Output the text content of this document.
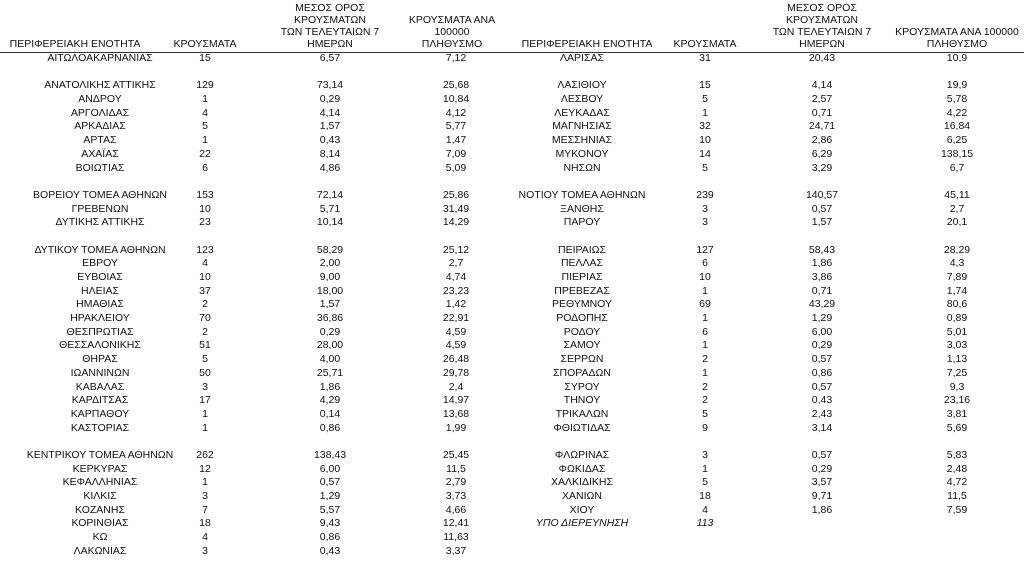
ΠΕΡΙΦΕΡΕΙΑΚΗ ΕΝΟΤΗΤΑ	ΚΡΟΥΣΜΑΤΑ
ΜΕΣΟΣ ΟΡΟΣ ΚΡΟΥΣΜΑΤΩΝ
ΤΩΝ ΤΕΛΕΥΤΑΙΩΝ 7
ΗΜΕΡΩΝ
ΚΡΟΥΣΜΑΤΑ ΑΝΑ 100000
ΠΛΗΘΥΣΜΟ
ΑΙΤΩΛΟΑΚΑΡΝΑΝΙΑΣ	15	6,57	7,12
ΑΝΑΤΟΛΙΚΗΣ ΑΤΤΙΚΗΣ	129	73,14	25,68
ΑΝΔΡΟΥ	1	0,29	10,84
ΑΡΓΟΛΙΔΑΣ	4	4,14	4,12
ΑΡΚΑΔΙΑΣ	5	1,57	5,77
ΑΡΤΑΣ	1	0,43	1,47
ΑΧΑΪΑΣ	22	8,14	7,09
ΒΟΙΩΤΙΑΣ	6	4,86	5,09
ΒΟΡΕΙΟΥ ΤΟΜΕΑ ΑΘΗΝΩΝ	153	72,14	25,86
ΓΡΕΒΕΝΩΝ	10	5,71	31,49
ΔΥΤΙΚΗΣ ΑΤΤΙΚΗΣ	23	10,14	14,29
ΔΥΤΙΚΟΥ ΤΟΜΕΑ ΑΘΗΝΩΝ	123	58,29	25,12
ΕΒΡΟΥ	4	2,00	2,7
ΕΥΒΟΙΑΣ	10	9,00	4,74
ΗΛΕΙΑΣ	37	18,00	23,23
ΗΜΑΘΙΑΣ	2	1,57	1,42
ΗΡΑΚΛΕΙΟΥ	70	36,86	22,91
ΘΕΣΠΡΩΤΙΑΣ	2	0,29	4,59
ΘΕΣΣΑΛΟΝΙΚΗΣ	51	28,00	4,59
ΘΗΡΑΣ	5	4,00	26,48
ΙΩΑΝΝΙΝΩΝ	50	25,71	29,78
ΚΑΒΑΛΑΣ	3	1,86	2,4
ΚΑΡΔΙΤΣΑΣ	17	4,29	14,97
ΚΑΡΠΑΘΟΥ	1	0,14	13,68
ΚΑΣΤΟΡΙΑΣ	1	0,86	1,99
ΚΕΝΤΡΙΚΟΥ ΤΟΜΕΑ ΑΘΗΝΩΝ	262	138,43	25,45
ΚΕΡΚΥΡΑΣ	12	6,00	11,5
ΚΕΦΑΛΛΗΝΙΑΣ	1	0,57	2,79
ΚΙΛΚΙΣ	3	1,29	3,73
ΚΟΖΑΝΗΣ	7	5,57	4,66
ΚΟΡΙΝΘΙΑΣ	18	9,43	12,41
ΚΩ	4	0,86	11,63
ΛΑΚΩΝΙΑΣ	3	0,43	3,37
ΠΕΡΙΦΕΡΕΙΑΚΗ ΕΝΟΤΗΤΑ	ΚΡΟΥΣΜΑΤΑ
ΜΕΣΟΣ ΟΡΟΣ ΚΡΟΥΣΜΑΤΩΝ
ΤΩΝ ΤΕΛΕΥΤΑΙΩΝ 7
ΗΜΕΡΩΝ
ΚΡΟΥΣΜΑΤΑ ΑΝΑ 100000
ΠΛΗΘΥΣΜΟ
ΛΑΡΙΣΑΣ	31	20,43	10,9
ΛΑΣΙΘΙΟΥ	15	4,14	19,9
ΛΕΣΒΟΥ	5	2,57	5,78
ΛΕΥΚΑΔΑΣ	1	0,71	4,22
ΜΑΓΝΗΣΙΑΣ	32	24,71	16,84
ΜΕΣΣΗΝΙΑΣ	10	2,86	6,25
ΜΥΚΟΝΟΥ	14	6,29	138,15
ΝΗΣΩΝ	5	3,29	6,7
ΝΟΤΙΟΥ ΤΟΜΕΑ ΑΘΗΝΩΝ	239	140,57	45,11
ΞΑΝΘΗΣ	3	0,57	2,7
ΠΑΡΟΥ	3	1,57	20,1
ΠΕΙΡΑΙΩΣ	127	58,43	28,29
ΠΕΛΛΑΣ	6	1,86	4,3
ΠΙΕΡΙΑΣ	10	3,86	7,89
ΠΡΕΒΕΖΑΣ	1	0,71	1,74
ΡΕΘΥΜΝΟΥ	69	43,29	80,6
ΡΟΔΟΠΗΣ	1	1,29	0,89
ΡΟΔΟΥ	6	6,00	5,01
ΣΑΜΟΥ	1	0,29	3,03
ΣΕΡΡΩΝ	2	0,57	1,13
ΣΠΟΡΑΔΩΝ	1	0,86	7,25
ΣΥΡΟΥ	2	0,57	9,3
ΤΗΝΟΥ	2	0,43	23,16
ΤΡΙΚΑΛΩΝ	5	2,43	3,81
ΦΘΙΩΤΙΔΑΣ	9	3,14	5,69
ΦΛΩΡΙΝΑΣ	3	0,57	5,83
ΦΩΚΙΔΑΣ	1	0,29	2,48
ΧΑΛΚΙΔΙΚΗΣ	5	3,57	4,72
ΧΑΝΙΩΝ	18	9,71	11,5
ΧΙΟΥ	4	1,86	7,59
ΥΠΟ ΔΙΕΡΕΥΝΗΣΗ	113
